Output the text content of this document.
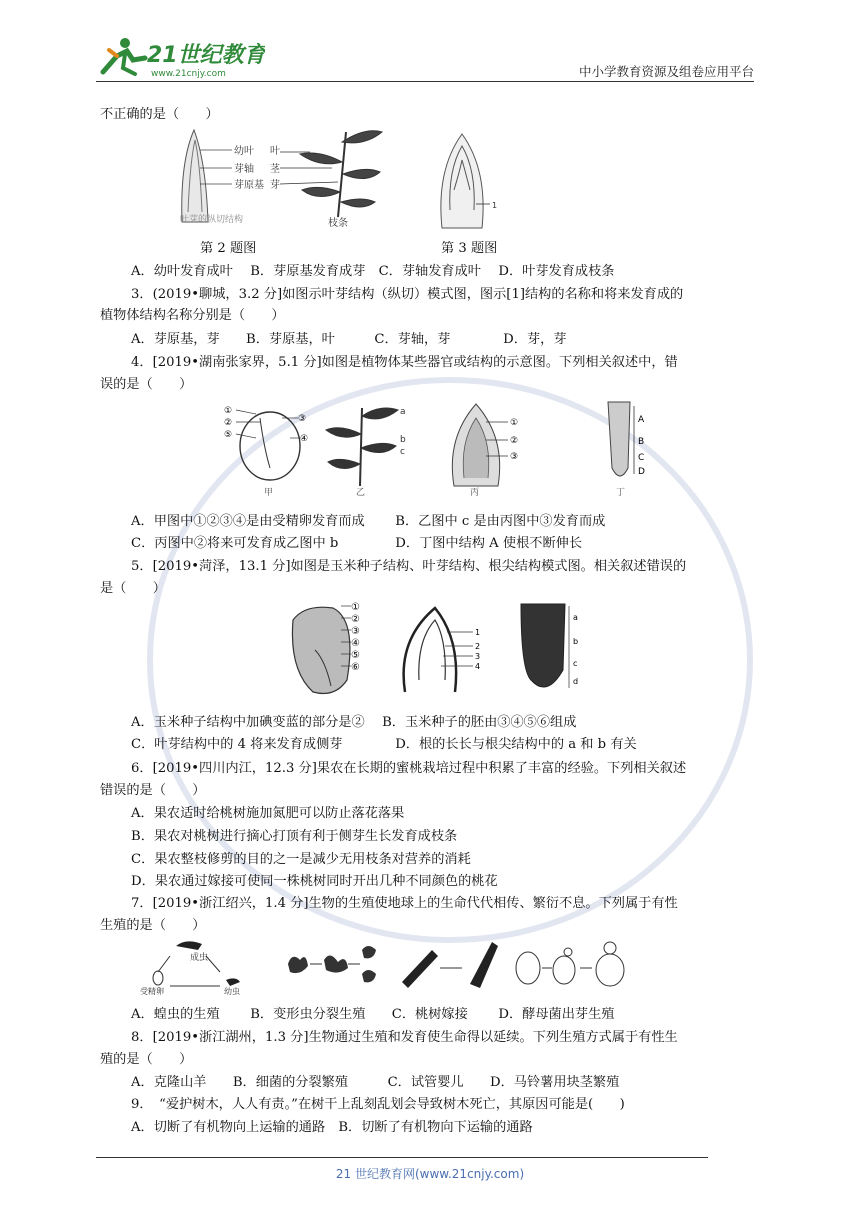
21世纪教育
www.21cnjy.com	中小学教育资源及组卷应用平台
不正确的是（　　）
幼叶
芽轴
芽原基
叶芽的纵切结构
叶
茎
芽
枝条
1
第 2 题图	第 3 题图
A．幼叶发育成叶　 B．芽原基发育成芽　C．芽轴发育成叶　 D．叶芽发育成枝条
3．(2019•聊城，3.2 分]如图示叶芽结构（纵切）模式图，图示[1]结构的名称和将来发育成的
植物体结构名称分别是（　　）
A．芽原基，芽　　B．芽原基，叶　　　C．芽轴，芽　　　　D．芽，芽
4．[2019•湖南张家界，5.1 分]如图是植物体某些器官或结构的示意图。下列相关叙述中，错
误的是（　　）
①
②
⑤
③
④
甲
a
b
c
乙
①
②
③
丙
A
B
C
D
丁
A．甲图中①②③④是由受精卵发育而成　　 B．乙图中 c 是由丙图中③发育而成
C．丙图中②将来可发育成乙图中 b　　　　 D．丁图中结构 A 使根不断伸长
5．[2019•菏泽，13.1 分]如图是玉米种子结构、叶芽结构、根尖结构模式图。相关叙述错误的
是（　　）
①
②
③
④
⑤
⑥
1
2
3
4
a
b
c
d
A．玉米种子结构中加碘变蓝的部分是②　 B．玉米种子的胚由③④⑤⑥组成
C．叶芽结构中的 4 将来发育成侧芽　　　　D．根的长长与根尖结构中的 a 和 b 有关
6．[2019•四川内江，12.3 分]果农在长期的蜜桃栽培过程中积累了丰富的经验。下列相关叙述
错误的是（　　）
A．果农适时给桃树施加氮肥可以防止落花落果
B．果农对桃树进行摘心打顶有利于侧芽生长发育成枝条
C．果农整枝修剪的目的之一是减少无用枝条对营养的消耗
D．果农通过嫁接可使同一株桃树同时开出几种不同颜色的桃花
7．[2019•浙江绍兴，1.4 分]生物的生殖使地球上的生命代代相传、繁衍不息。下列属于有性
生殖的是（　　）
成虫
受精卵	幼虫
A．蝗虫的生殖　　 B．变形虫分裂生殖　　C．桃树嫁接　　 D．酵母菌出芽生殖
8．[2019•浙江湖州，1.3 分]生物通过生殖和发育使生命得以延续。下列生殖方式属于有性生
殖的是（　　）
A．克隆山羊　　B．细菌的分裂繁殖　　　C．试管婴儿　　D．马铃薯用块茎繁殖
9．　“爱护树木，人人有责。”在树干上乱刻乱划会导致树木死亡，其原因可能是(　　)
A．切断了有机物向上运输的通路　B．切断了有机物向下运输的通路
21 世纪教育网(www.21cnjy.com)
